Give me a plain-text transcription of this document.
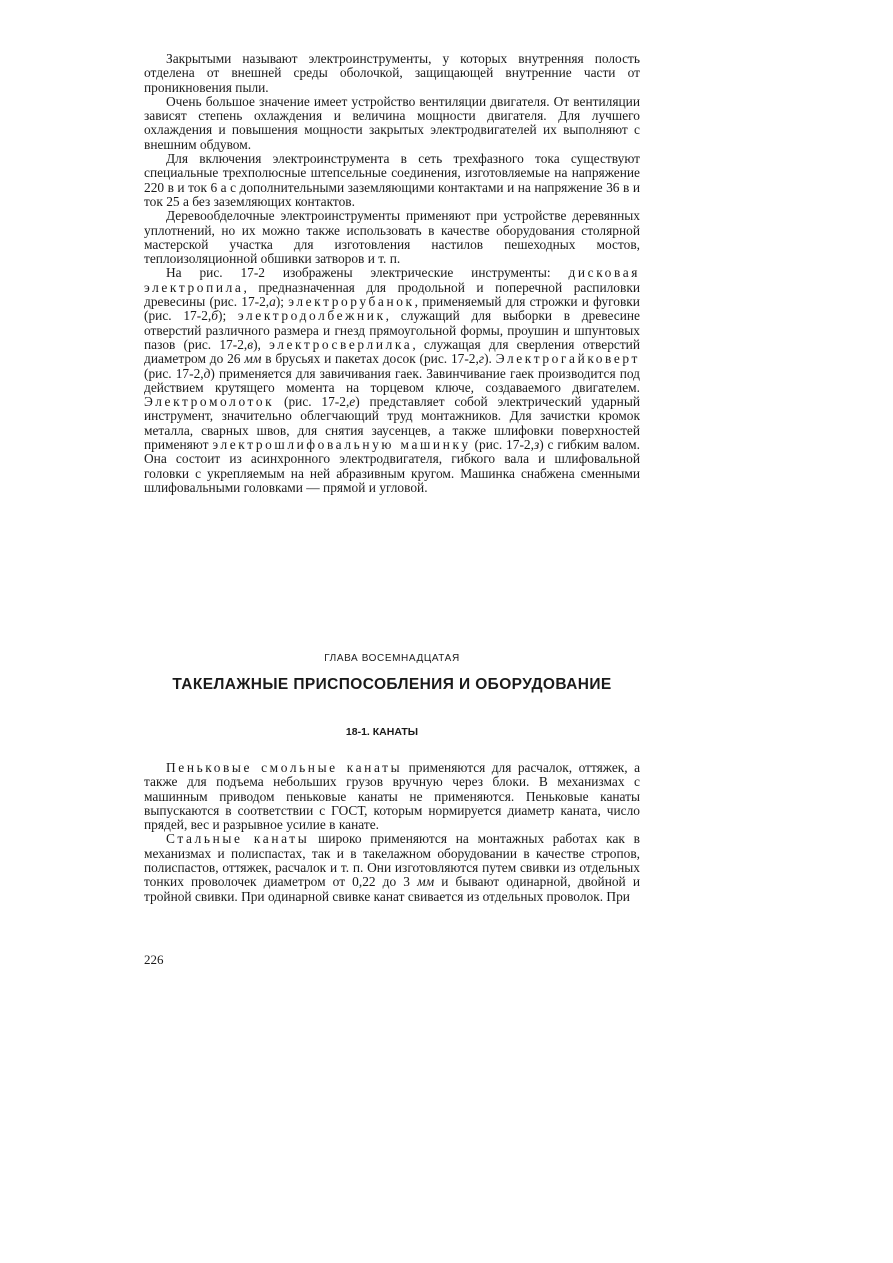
Закрытыми называют электроинструменты, у которых внутренняя полость отделена от внешней среды оболочкой, защищающей внутренние части от проникновения пыли.

Очень большое значение имеет устройство вентиляции двигателя. От вентиляции зависят степень охлаждения и величина мощности двигателя. Для лучшего охлаждения и повышения мощности закрытых электродвигателей их выполняют с внешним обдувом.

Для включения электроинструмента в сеть трехфазного тока существуют специальные трехполюсные штепсельные соединения, изготовляемые на напряжение 220 в и ток 6 а с дополнительными заземляющими контактами и на напряжение 36 в и ток 25 а без заземляющих контактов.

Деревообделочные электроинструменты применяют при устройстве деревянных уплотнений, но их можно также использовать в качестве оборудования столярной мастерской участка для изготовления настилов пешеходных мостов, теплоизоляционной обшивки затворов и т. п.

На рис. 17-2 изображены электрические инструменты: дисковая электропила, предназначенная для продольной и поперечной распиловки древесины (рис. 17-2,а); электрорубанок, применяемый для строжки и фуговки (рис. 17-2,б); электродолбежник, служащий для выборки в древесине отверстий различного размера и гнезд прямоугольной формы, проушин и шпунтовых пазов (рис. 17-2,в), электросверлилка, служащая для сверления отверстий диаметром до 26 мм в брусьях и пакетах досок (рис. 17-2,г). Электрогайковерт (рис. 17-2,д) применяется для завичивания гаек. Завинчивание гаек производится под действием крутящего момента на торцевом ключе, создаваемого двигателем. Электромолоток (рис. 17-2,е) представляет собой электрический ударный инструмент, значительно облегчающий труд монтажников. Для зачистки кромок металла, сварных швов, для снятия заусенцев, а также шлифовки поверхностей применяют электрошлифовальную машинку (рис. 17-2,з) с гибким валом. Она состоит из асинхронного электродвигателя, гибкого вала и шлифовальной головки с укрепляемым на ней абразивным кругом. Машинка снабжена сменными шлифовальными головками — прямой и угловой.

ГЛАВА ВОСЕМНАДЦАТАЯ
ТАКЕЛАЖНЫЕ ПРИСПОСОБЛЕНИЯ И ОБОРУДОВАНИЕ
18-1. КАНАТЫ

Пеньковые смольные канаты применяются для расчалок, оттяжек, а также для подъема небольших грузов вручную через блоки. В механизмах с машинным приводом пеньковые канаты не применяются. Пеньковые канаты выпускаются в соответствии с ГОСТ, которым нормируется диаметр каната, число прядей, вес и разрывное усилие в канате.

Стальные канаты широко применяются на монтажных работах как в механизмах и полиспастах, так и в такелажном оборудовании в качестве стропов, полиспастов, оттяжек, расчалок и т. п. Они изготовляются путем свивки из отдельных тонких проволочек диаметром от 0,22 до 3 мм и бывают одинарной, двойной и тройной свивки. При одинарной свивке канат свивается из отдельных проволок. При

226
